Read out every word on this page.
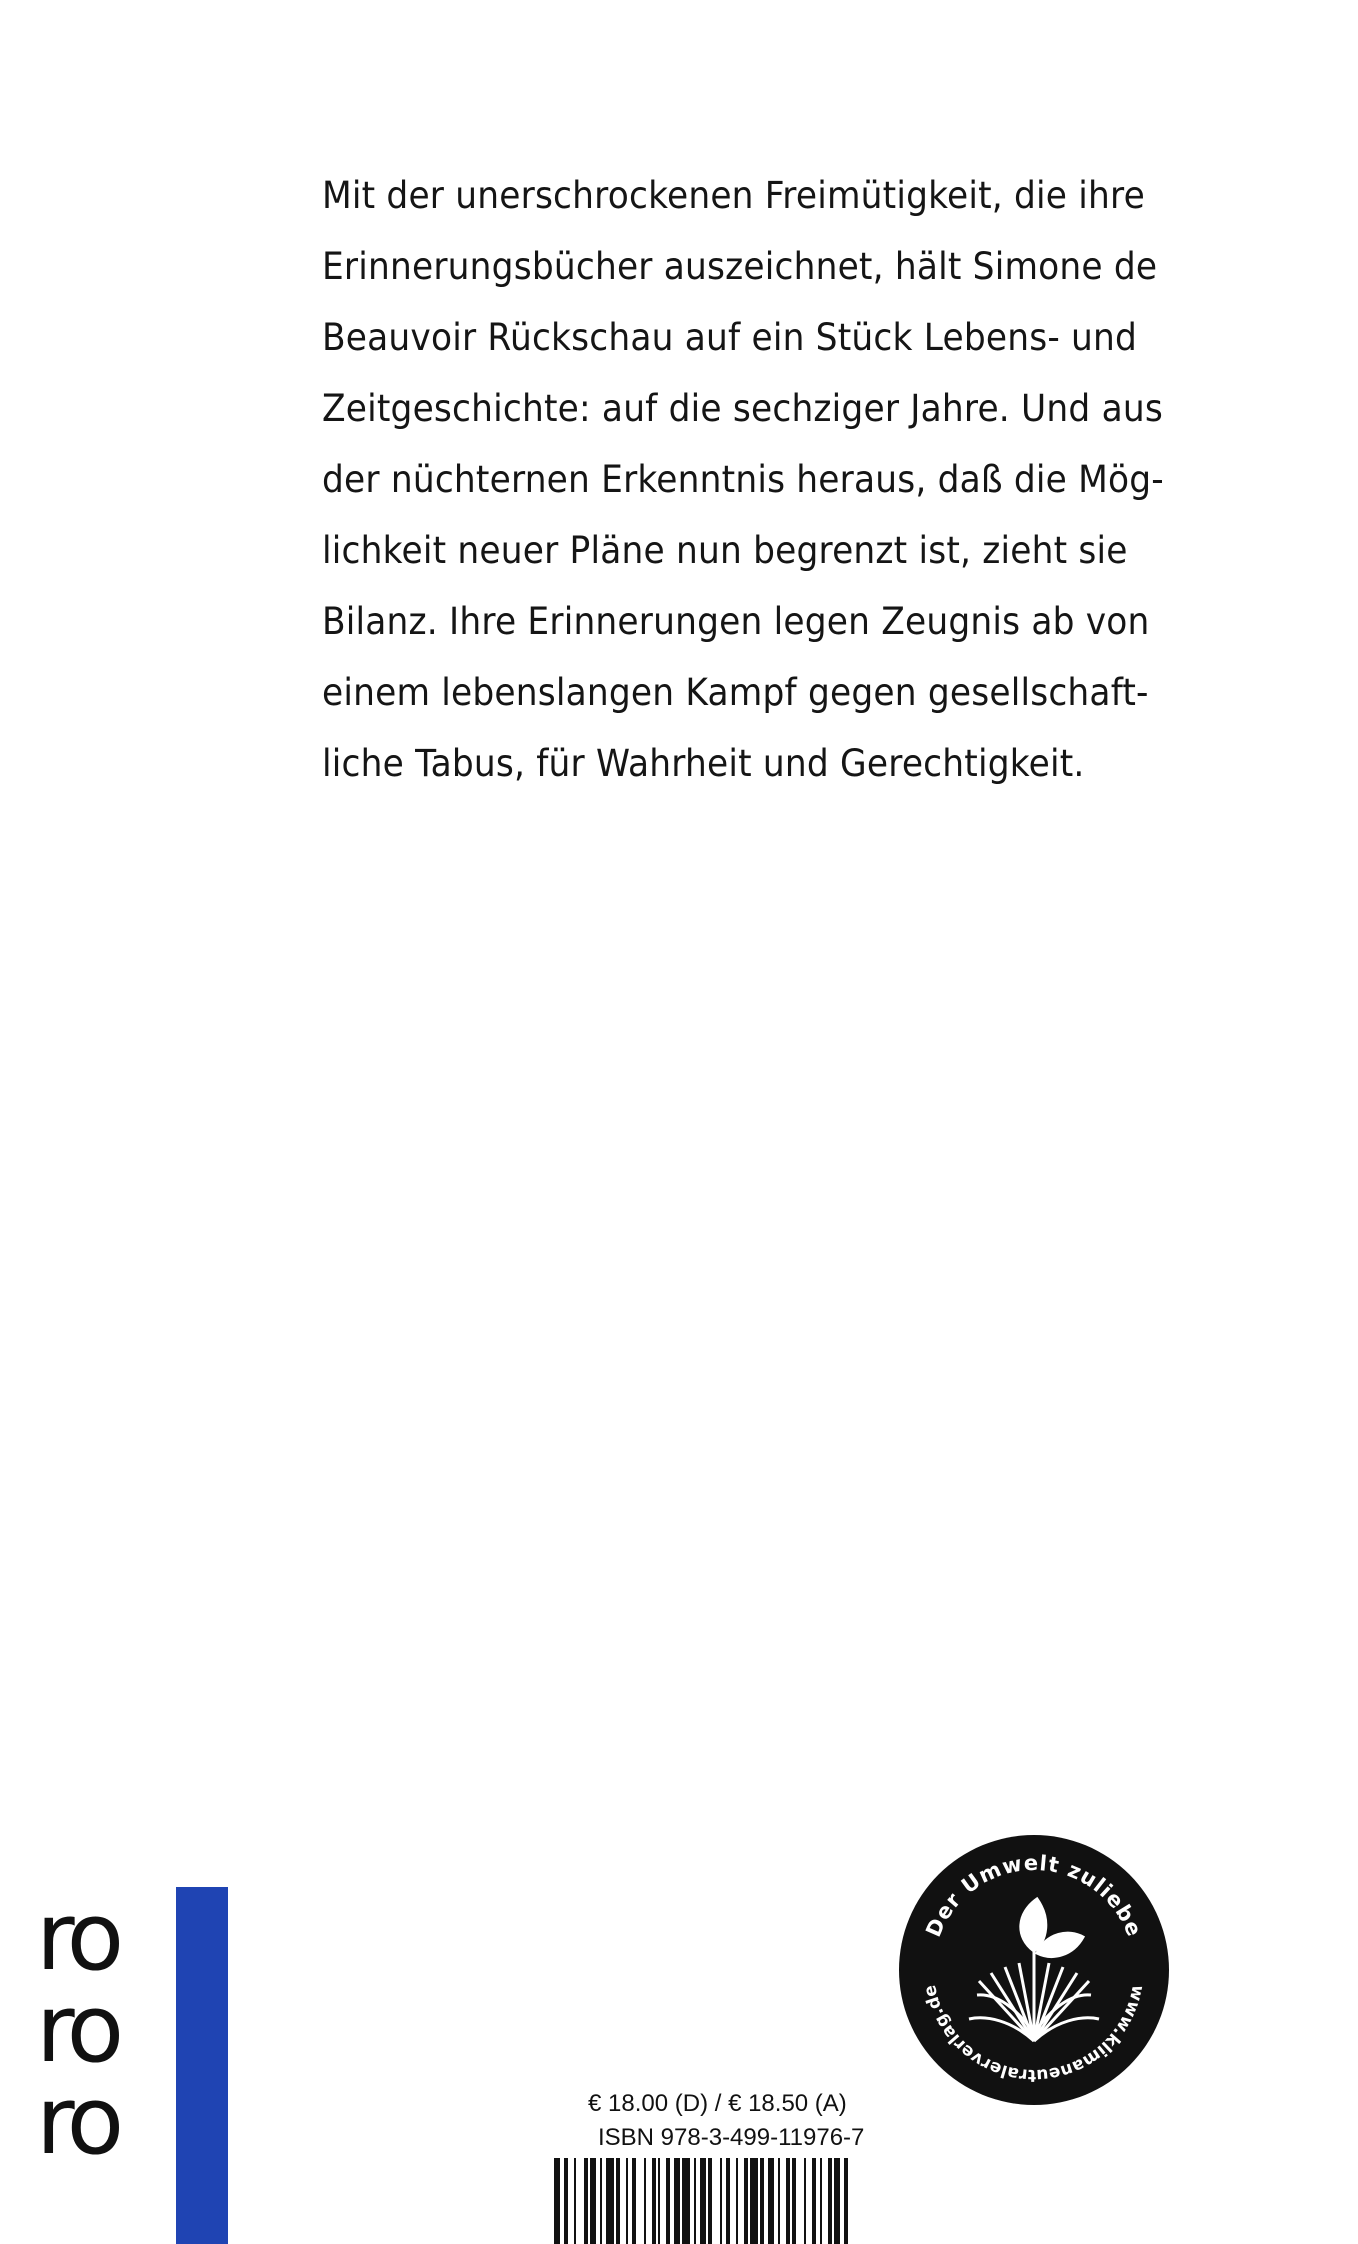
Mit der unerschrockenen Freimütigkeit, die ihre
Erinnerungsbücher auszeichnet, hält Simone de
Beauvoir Rückschau auf ein Stück Lebens- und
Zeitgeschichte: auf die sechziger Jahre. Und aus
der nüchternen Erkenntnis heraus, daß die Mög-
lichkeit neuer Pläne nun begrenzt ist, zieht sie
Bilanz. Ihre Erinnerungen legen Zeugnis ab von
einem lebenslangen Kampf gegen gesellschaft-
liche Tabus, für Wahrheit und Gerechtigkeit.
ro
ro
ro
Der Umwelt zuliebe
www.klimaneutralerverlag.de
€ 18.00 (D) / € 18.50 (A)
ISBN 978-3-499-11976-7
